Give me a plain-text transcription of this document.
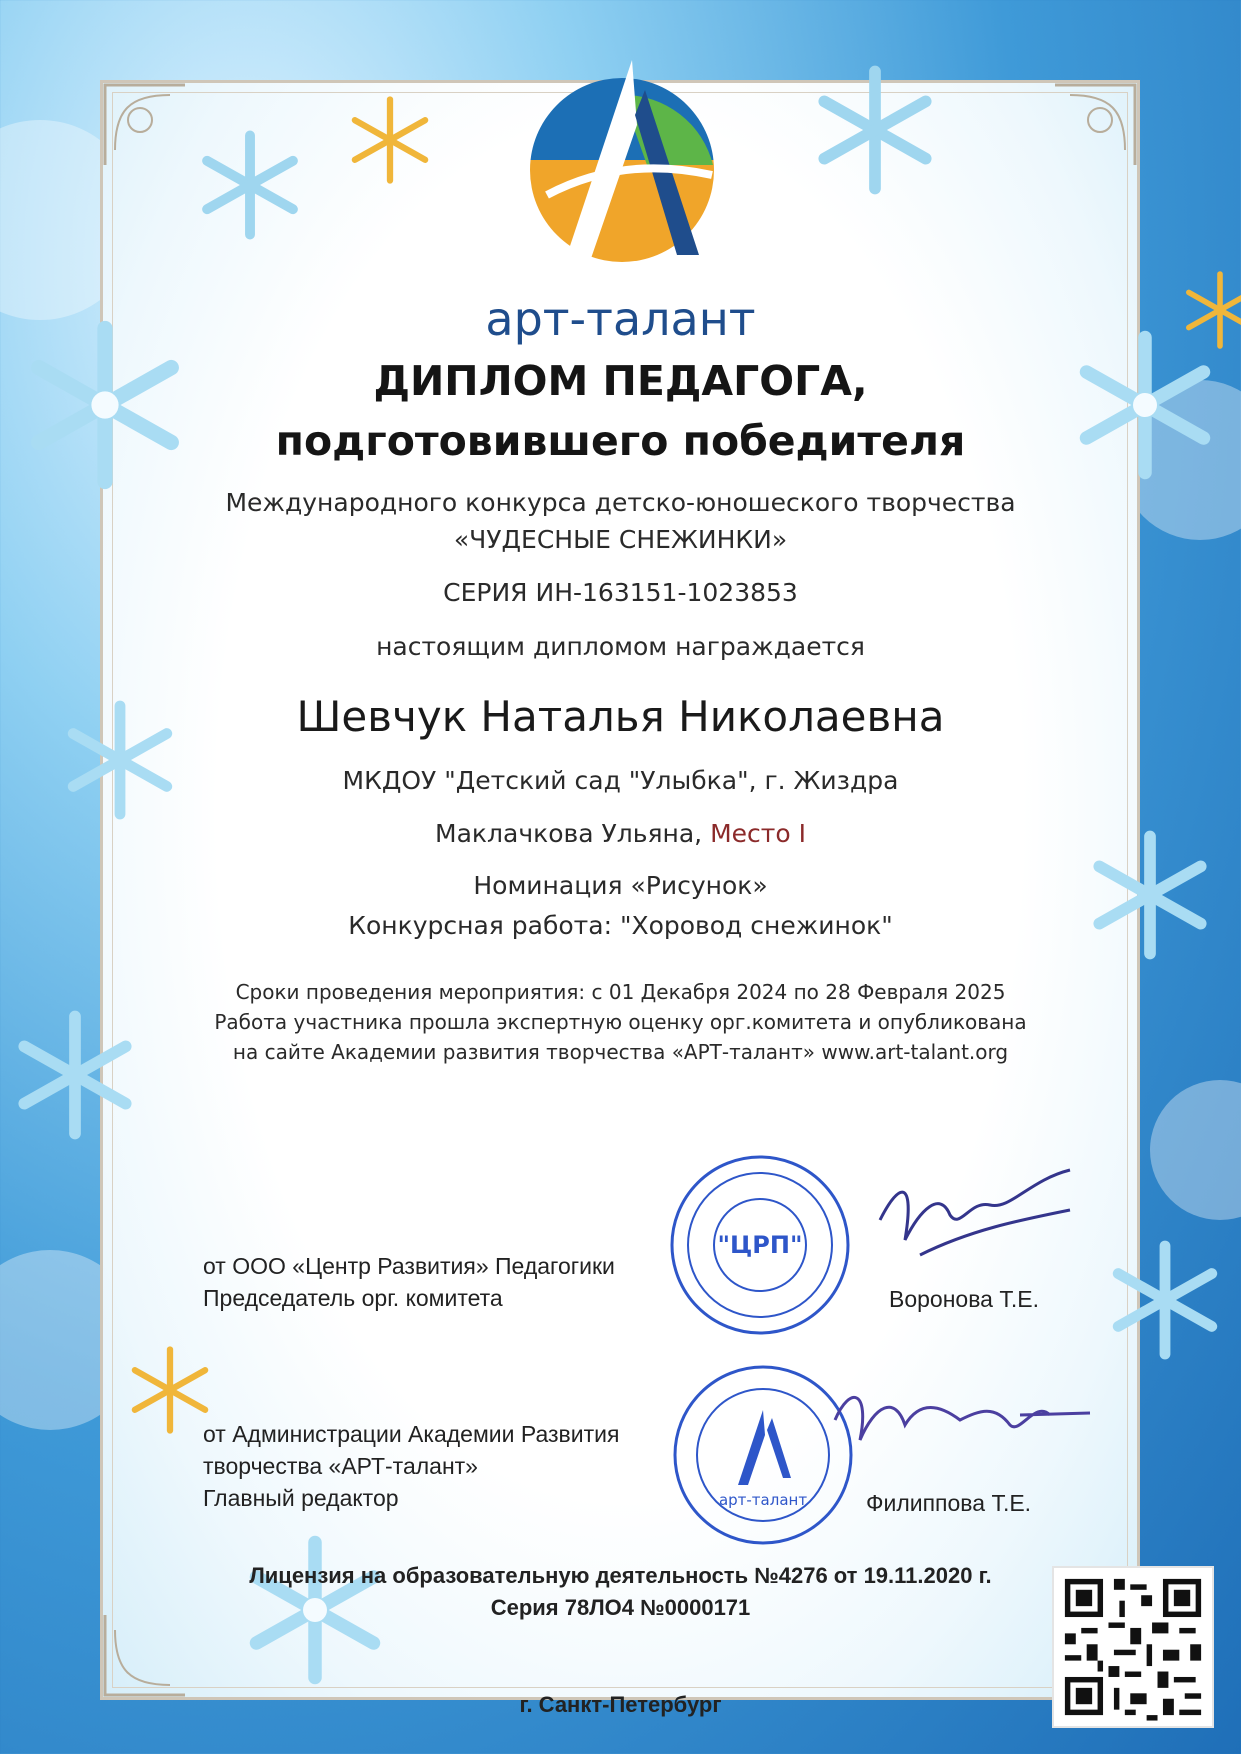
арт-талант
ДИПЛОМ ПЕДАГОГА,
подготовившего победителя
Международного конкурса детско-юношеского творчества
«ЧУДЕСНЫЕ СНЕЖИНКИ»
СЕРИЯ ИН-163151-1023853
настоящим дипломом награждается
Шевчук Наталья Николаевна
МКДОУ "Детский сад "Улыбка", г. Жиздра
Маклачкова Ульяна, Место I
Номинация «Рисунок»
Конкурсная работа: "Хоровод снежинок"
Сроки проведения мероприятия: с 01 Декабря 2024 по 28 Февраля 2025
Работа участника прошла экспертную оценку орг.комитета и опубликована
на сайте Академии развития творчества «АРТ-талант» www.art-talant.org
от ООО «Центр Развития» Педагогики
Председатель орг. комитета
"ЦРП"
Воронова Т.Е.
от Администрации Академии Развития
творчества «АРТ-талант»
Главный редактор	арт-талант	Филиппова Т.Е.
Лицензия на образовательную деятельность №4276 от 19.11.2020 г.
Серия 78ЛО4 №0000171
г. Санкт-Петербург
